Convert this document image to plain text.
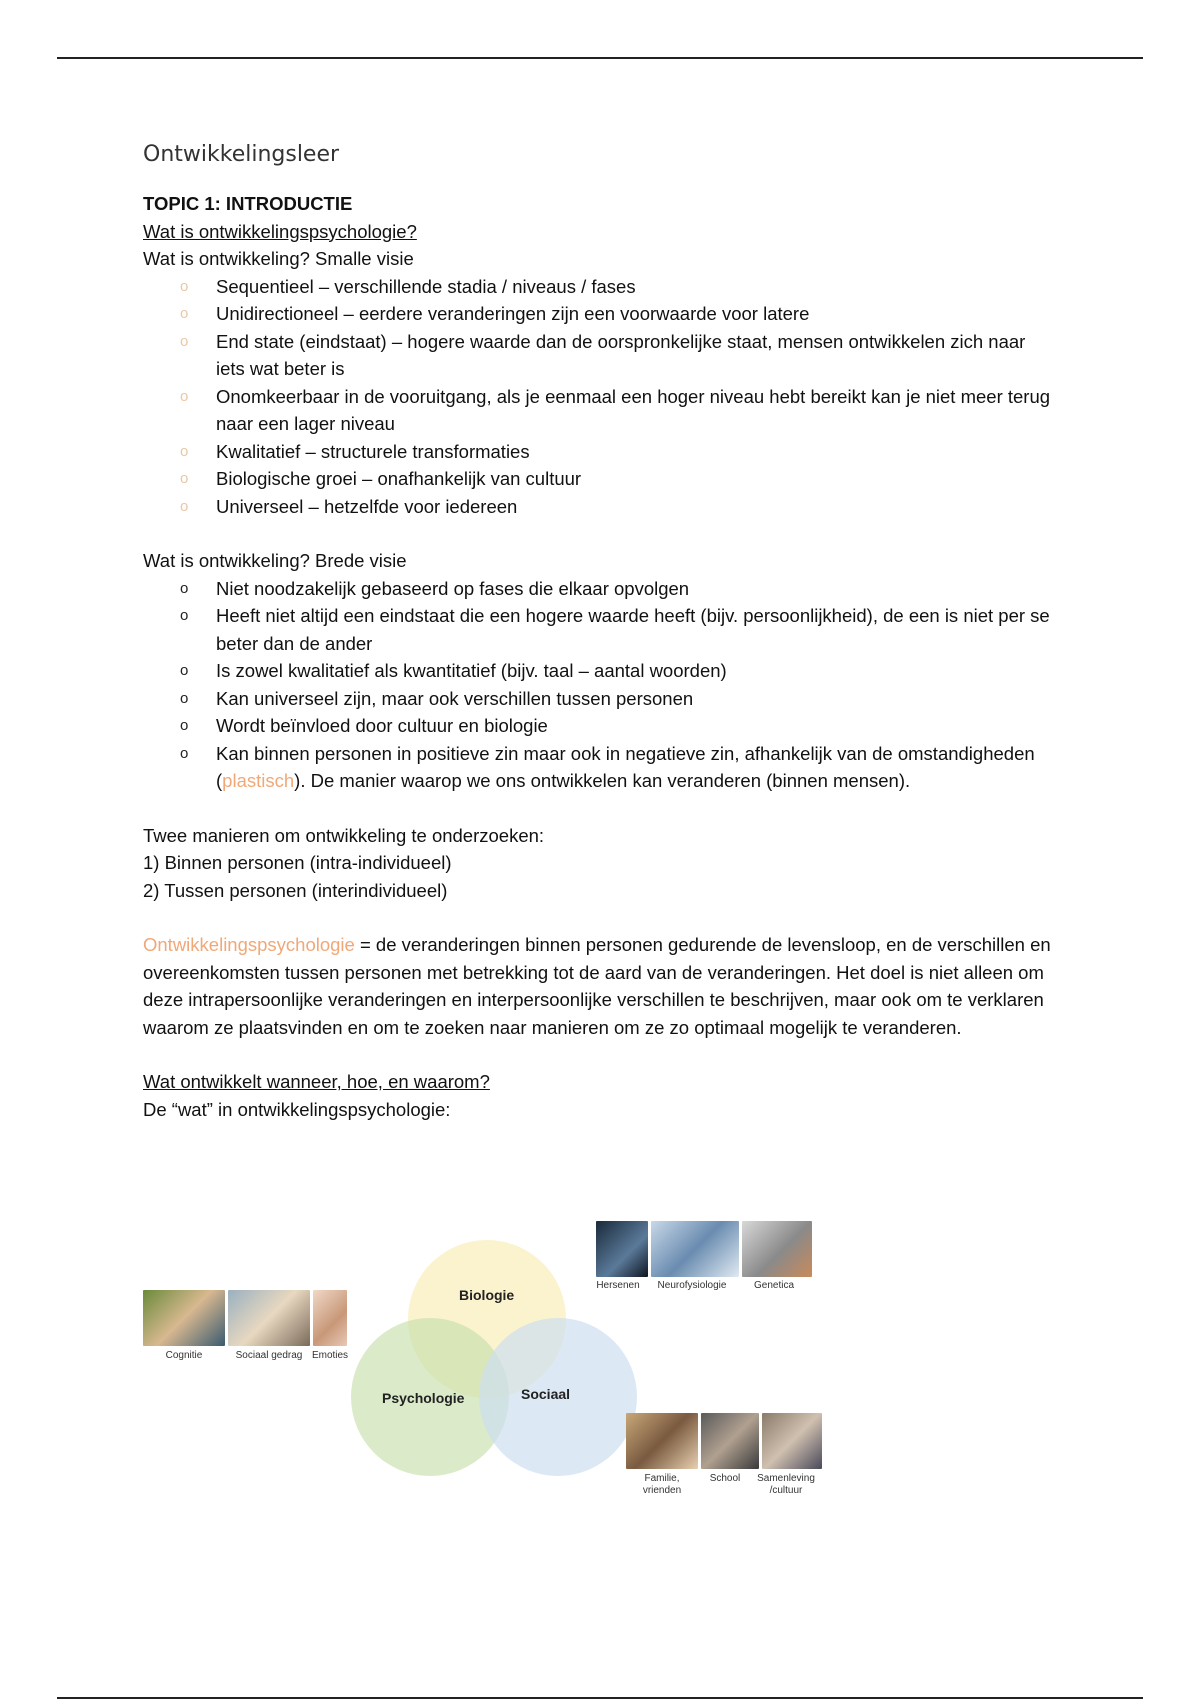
Ontwikkelingsleer

TOPIC 1: INTRODUCTIE

Wat is ontwikkelingspsychologie?

Wat is ontwikkeling? Smalle visie

o Sequentieel – verschillende stadia / niveaus / fases
o Unidirectioneel – eerdere veranderingen zijn een voorwaarde voor latere
o End state (eindstaat) – hogere waarde dan de oorspronkelijke staat, mensen ontwikkelen zich naar iets wat beter is
o Onomkeerbaar in de vooruitgang, als je eenmaal een hoger niveau hebt bereikt kan je niet meer terug naar een lager niveau
o Kwalitatief – structurele transformaties
o Biologische groei – onafhankelijk van cultuur
o Universeel – hetzelfde voor iedereen

Wat is ontwikkeling? Brede visie

o Niet noodzakelijk gebaseerd op fases die elkaar opvolgen
o Heeft niet altijd een eindstaat die een hogere waarde heeft (bijv. persoonlijkheid), de een is niet per se beter dan de ander
o Is zowel kwalitatief als kwantitatief (bijv. taal – aantal woorden)
o Kan universeel zijn, maar ook verschillen tussen personen
o Wordt beïnvloed door cultuur en biologie
o Kan binnen personen in positieve zin maar ook in negatieve zin, afhankelijk van de omstandigheden (plastisch). De manier waarop we ons ontwikkelen kan veranderen (binnen mensen).

Twee manieren om ontwikkeling te onderzoeken:

1) Binnen personen (intra-individueel)

2) Tussen personen (interindividueel)

Ontwikkelingspsychologie = de veranderingen binnen personen gedurende de levensloop, en de verschillen en overeenkomsten tussen personen met betrekking tot de aard van de veranderingen. Het doel is niet alleen om deze intrapersoonlijke veranderingen en interpersoonlijke verschillen te beschrijven, maar ook om te verklaren waarom ze plaatsvinden en om te zoeken naar manieren om ze zo optimaal mogelijk te veranderen.

Wat ontwikkelt wanneer, hoe, en waarom?

De “wat” in ontwikkelingspsychologie:

Biologie
Psychologie	Sociaal
Hersenen	Neurofysiologie	Genetica
Cognitie	Sociaal gedrag Emoties
Familie, vrienden
School	Samenleving /cultuur
